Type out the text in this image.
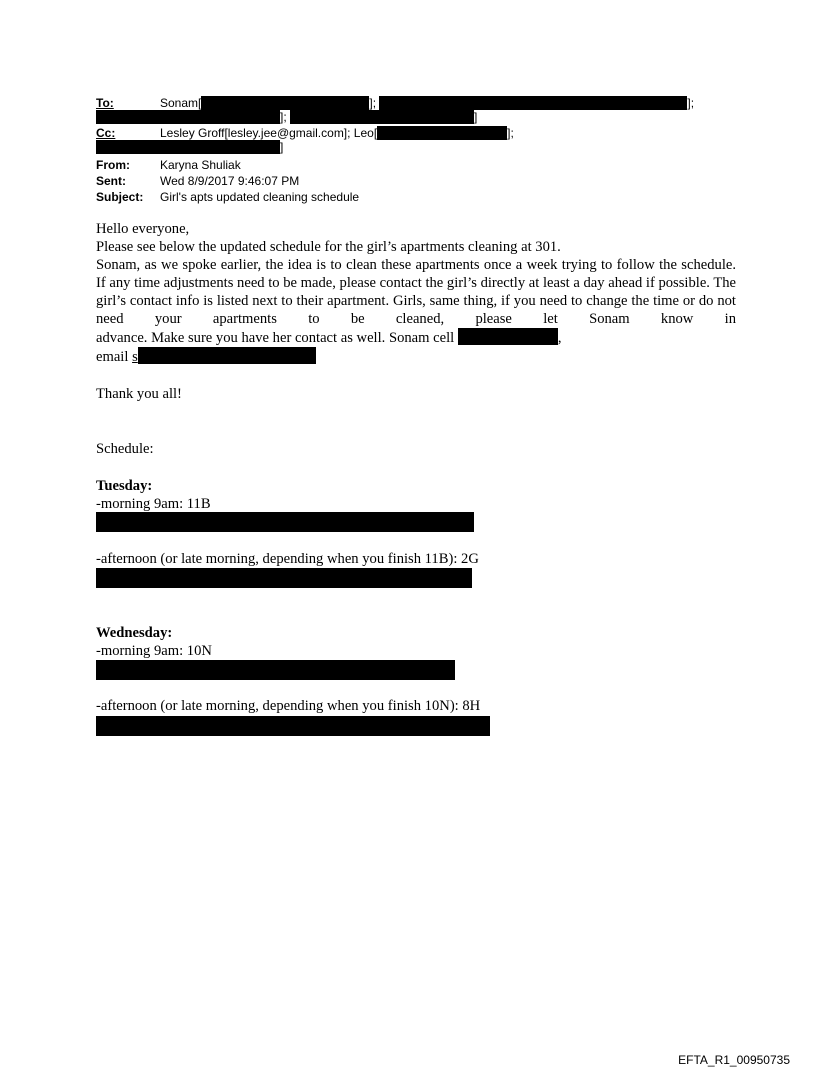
To:	Sonam[	];	];
];	]
Cc:	Lesley Groff[lesley.jee@gmail.com]; Leo[	];
]
From:	Karyna Shuliak
Sent:	Wed 8/9/2017 9:46:07 PM
Subject: Girl's apts updated cleaning schedule
Hello everyone,
Please see below the updated schedule for the girl’s apartments cleaning at 301.
Sonam, as we spoke earlier, the idea is to clean these apartments once a week trying to follow the schedule. If any time adjustments need to be made, please contact the girl’s directly at least a day ahead if possible. The girl’s contact info is listed next to their apartment. Girls, same thing, if you need to change the time or do not need your apartments to be cleaned, please let Sonam know in
advance. Make sure you have her contact as well. Sonam cell	,
email s
Thank you all!
Schedule:
Tuesday:
-morning 9am: 11B
-afternoon (or late morning, depending when you finish 11B): 2G
Wednesday:
-morning 9am: 10N
-afternoon (or late morning, depending when you finish 10N): 8H
EFTA_R1_00950735
